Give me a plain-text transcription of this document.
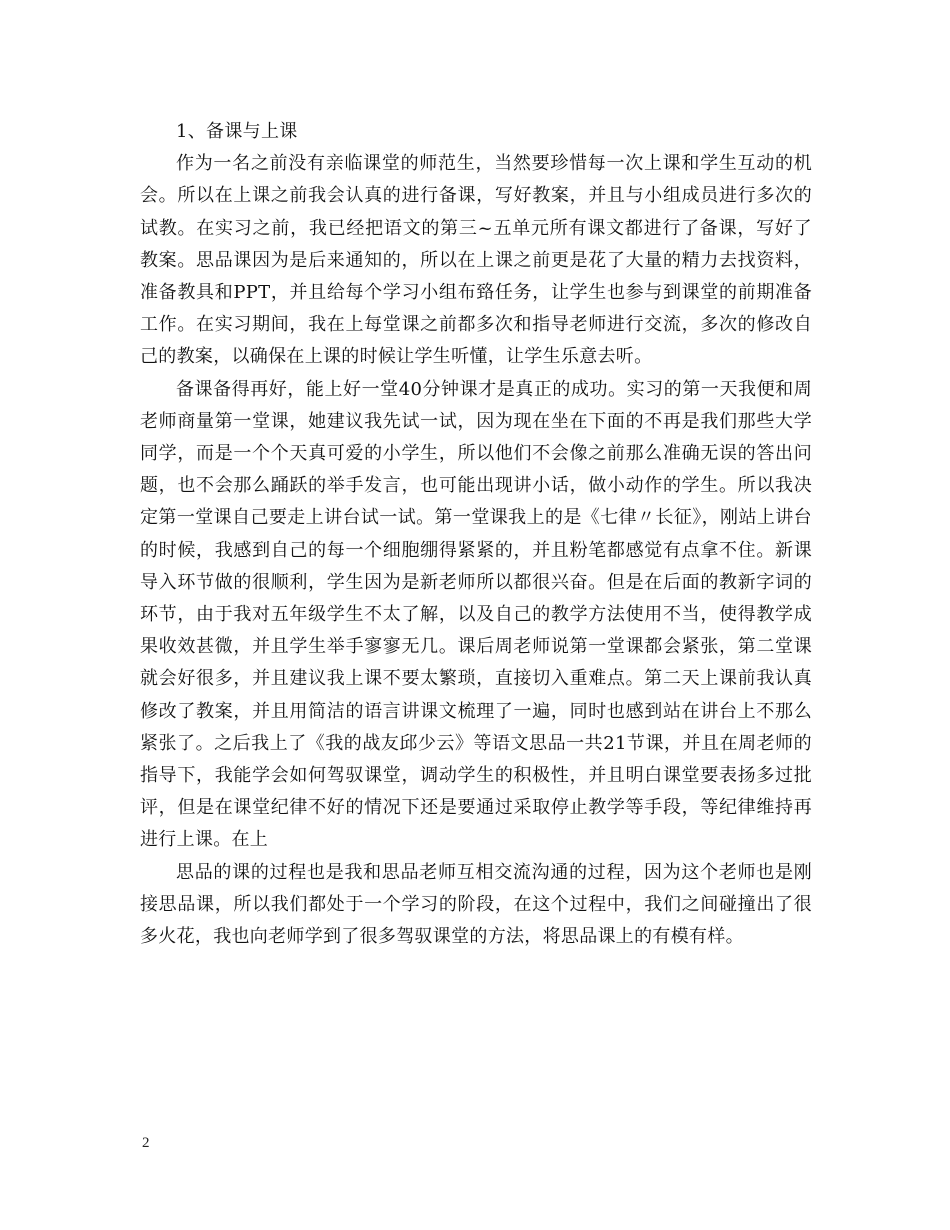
1、备课与上课

作为一名之前没有亲临课堂的师范生，当然要珍惜每一次上课和学生互动的机会。所以在上课之前我会认真的进行备课，写好教案，并且与小组成员进行多次的试教。在实习之前，我已经把语文的第三~五单元所有课文都进行了备课，写好了教案。思品课因为是后来通知的，所以在上课之前更是花了大量的精力去找资料，准备教具和PPT，并且给每个学习小组布臵任务，让学生也参与到课堂的前期准备工作。在实习期间，我在上每堂课之前都多次和指导老师进行交流，多次的修改自己的教案，以确保在上课的时候让学生听懂，让学生乐意去听。

备课备得再好，能上好一堂40分钟课才是真正的成功。实习的第一天我便和周老师商量第一堂课，她建议我先试一试，因为现在坐在下面的不再是我们那些大学同学，而是一个个天真可爱的小学生，所以他们不会像之前那么准确无误的答出问题，也不会那么踊跃的举手发言，也可能出现讲小话，做小动作的学生。所以我决定第一堂课自己要走上讲台试一试。第一堂课我上的是《七律〃长征》，刚站上讲台的时候，我感到自己的每一个细胞绷得紧紧的，并且粉笔都感觉有点拿不住。新课导入环节做的很顺利，学生因为是新老师所以都很兴奋。但是在后面的教新字词的环节，由于我对五年级学生不太了解，以及自己的教学方法使用不当，使得教学成果收效甚微，并且学生举手寥寥无几。课后周老师说第一堂课都会紧张，第二堂课就会好很多，并且建议我上课不要太繁琐，直接切入重难点。第二天上课前我认真修改了教案，并且用简洁的语言讲课文梳理了一遍，同时也感到站在讲台上不那么紧张了。之后我上了《我的战友邱少云》等语文思品一共21节课，并且在周老师的指导下，我能学会如何驾驭课堂，调动学生的积极性，并且明白课堂要表扬多过批评，但是在课堂纪律不好的情况下还是要通过采取停止教学等手段，等纪律维持再进行上课。在上

思品的课的过程也是我和思品老师互相交流沟通的过程，因为这个老师也是刚接思品课，所以我们都处于一个学习的阶段，在这个过程中，我们之间碰撞出了很多火花，我也向老师学到了很多驾驭课堂的方法，将思品课上的有模有样。

2
